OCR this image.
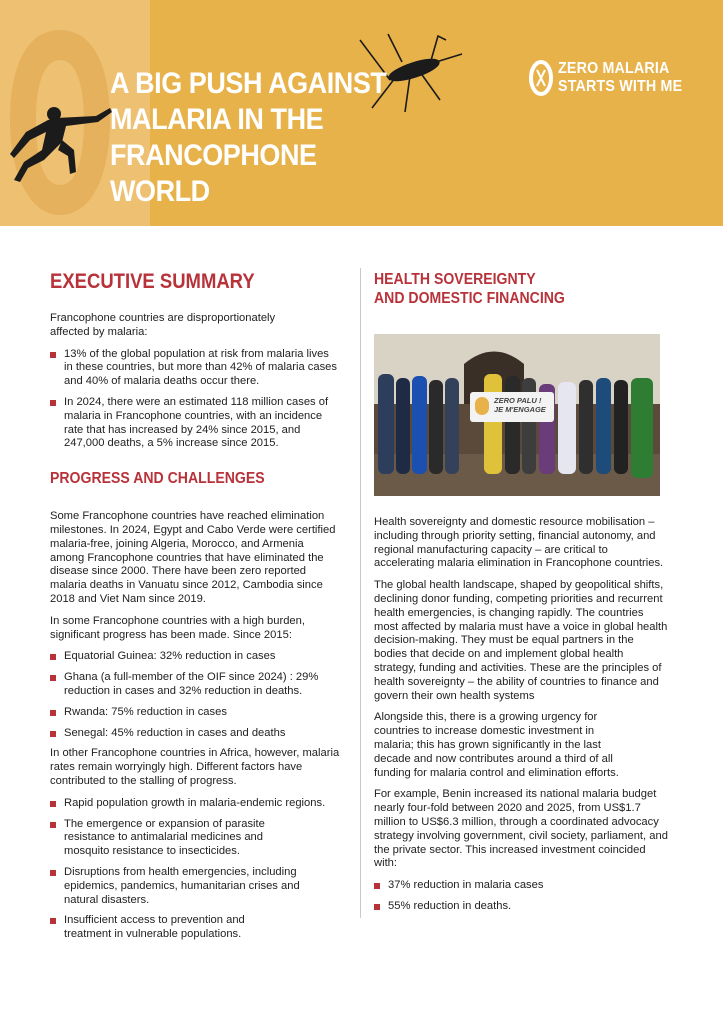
A BIG PUSH AGAINST MALARIA IN THE FRANCOPHONE WORLD
ZERO MALARIA
STARTS WITH ME
EXECUTIVE SUMMARY

Francophone countries are disproportionately affected by malaria:

13% of the global population at risk from malaria lives in these countries, but more than 42% of malaria cases and 40% of malaria deaths occur there.
In 2024, there were an estimated 118 million cases of malaria in Francophone countries, with an incidence rate that has increased by 24% since 2015, and 247,000 deaths, a 5% increase since 2015.
PROGRESS AND CHALLENGES

Some Francophone countries have reached elimination milestones. In 2024, Egypt and Cabo Verde were certified malaria-free, joining Algeria, Morocco, and Armenia among Francophone countries that have eliminated the disease since 2000. There have been zero reported malaria deaths in Vanuatu since 2012, Cambodia since 2018 and Viet Nam since 2019.

In some Francophone countries with a high burden, significant progress has been made. Since 2015:

Equatorial Guinea: 32% reduction in cases
Ghana (a full-member of the OIF since 2024) : 29% reduction in cases and 32% reduction in deaths.
Rwanda: 75% reduction in cases
Senegal: 45% reduction in cases and deaths

In other Francophone countries in Africa, however, malaria rates remain worryingly high. Different factors have contributed to the stalling of progress.

Rapid population growth in malaria-endemic regions.
The emergence or expansion of parasite resistance to antimalarial medicines and mosquito resistance to insecticides.
Disruptions from health emergencies, including epidemics, pandemics, humanitarian crises and natural disasters.
Insufficient access to prevention and treatment in vulnerable populations.
HEALTH SOVEREIGNTY
AND DOMESTIC FINANCING
ZERO PALU !
JE M'ENGAGE

Health sovereignty and domestic resource mobilisation – including through priority setting, financial autonomy, and regional manufacturing capacity – are critical to accelerating malaria elimination in Francophone countries.

The global health landscape, shaped by geopolitical shifts, declining donor funding, competing priorities and recurrent health emergencies, is changing rapidly. The countries most affected by malaria must have a voice in global health decision-making. They must be equal partners in the bodies that decide on and implement global health strategy, funding and activities. These are the principles of health sovereignty – the ability of countries to finance and govern their own health systems

Alongside this, there is a growing urgency for countries to increase domestic investment in malaria; this has grown significantly in the last decade and now contributes around a third of all funding for malaria control and elimination efforts.

For example, Benin increased its national malaria budget nearly four-fold between 2020 and 2025, from US$1.7 million to US$6.3 million, through a coordinated advocacy strategy involving government, civil society, parliament, and the private sector. This increased investment coincided with:

37% reduction in malaria cases
55% reduction in deaths.
